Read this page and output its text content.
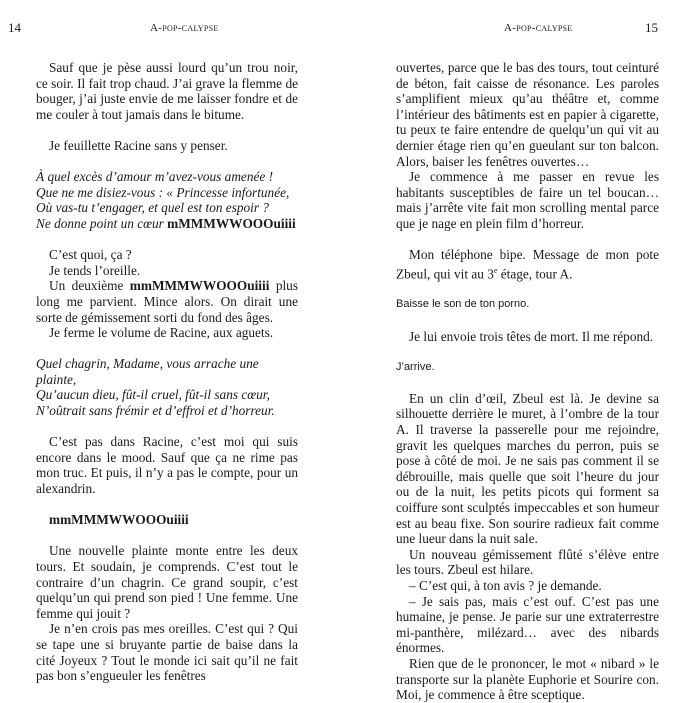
14	A-pop-calypse

Sauf que je pèse aussi lourd qu’un trou noir, ce soir. Il fait trop chaud. J’ai grave la flemme de bouger, j’ai juste envie de me laisser fondre et de me couler à tout jamais dans le bitume.

Je feuillette Racine sans y penser.

À quel excès d’amour m’avez-vous amenée !

Que ne me disiez-vous : « Princesse infortunée,

Où vas-tu t’engager, et quel est ton espoir ?

Ne donne point un cœur mMMMWWOOOuiiii

C’est quoi, ça ?

Je tends l’oreille.

Un deuxième mmMMMWWOOOuiiii plus long me parvient. Mince alors. On dirait une sorte de gémissement sorti du fond des âges.

Je ferme le volume de Racine, aux aguets.

Quel chagrin, Madame, vous arrache une plainte,

Qu’aucun dieu, fût-il cruel, fût-il sans cœur,

N’oûtrait sans frémir et d’effroi et d’horreur.

C’est pas dans Racine, c’est moi qui suis encore dans le mood. Sauf que ça ne rime pas mon truc. Et puis, il n’y a pas le compte, pour un alexandrin.

mmMMMWWOOOuiiii

Une nouvelle plainte monte entre les deux tours. Et soudain, je comprends. C’est tout le contraire d’un chagrin. Ce grand soupir, c’est quelqu’un qui prend son pied ! Une femme. Une femme qui jouit ?

Je n’en crois pas mes oreilles. C’est qui ? Qui se tape une si bruyante partie de baise dans la cité Joyeux ? Tout le monde ici sait qu’il ne fait pas bon s’engueuler les fenêtres

A-pop-calypse	15

ouvertes, parce que le bas des tours, tout ceinturé de béton, fait caisse de résonance. Les paroles s’amplifient mieux qu’au théâtre et, comme l’intérieur des bâtiments est en papier à cigarette, tu peux te faire entendre de quelqu’un qui vit au dernier étage rien qu’en gueulant sur ton balcon. Alors, baiser les fenêtres ouvertes…

Je commence à me passer en revue les habitants susceptibles de faire un tel boucan… mais j’arrête vite fait mon scrolling mental parce que je nage en plein film d’horreur.

Mon téléphone bipe. Message de mon pote Zbeul, qui vit au 3e étage, tour A.

Baisse le son de ton porno.

Je lui envoie trois têtes de mort. Il me répond.

J’arrive.

En un clin d’œil, Zbeul est là. Je devine sa silhouette derrière le muret, à l’ombre de la tour A. Il traverse la passerelle pour me rejoindre, gravit les quelques marches du perron, puis se pose à côté de moi. Je ne sais pas comment il se débrouille, mais quelle que soit l’heure du jour ou de la nuit, les petits picots qui forment sa coiffure sont sculptés impeccables et son humeur est au beau fixe. Son sourire radieux fait comme une lueur dans la nuit sale.

Un nouveau gémissement flûté s’élève entre les tours. Zbeul est hilare.

– C’est qui, à ton avis ? je demande.

– Je sais pas, mais c’est ouf. C’est pas une humaine, je pense. Je parie sur une extraterrestre mi-panthère, milézard… avec des nibards énormes.

Rien que de le prononcer, le mot « nibard » le transporte sur la planète Euphorie et Sourire con. Moi, je commence à être sceptique.
